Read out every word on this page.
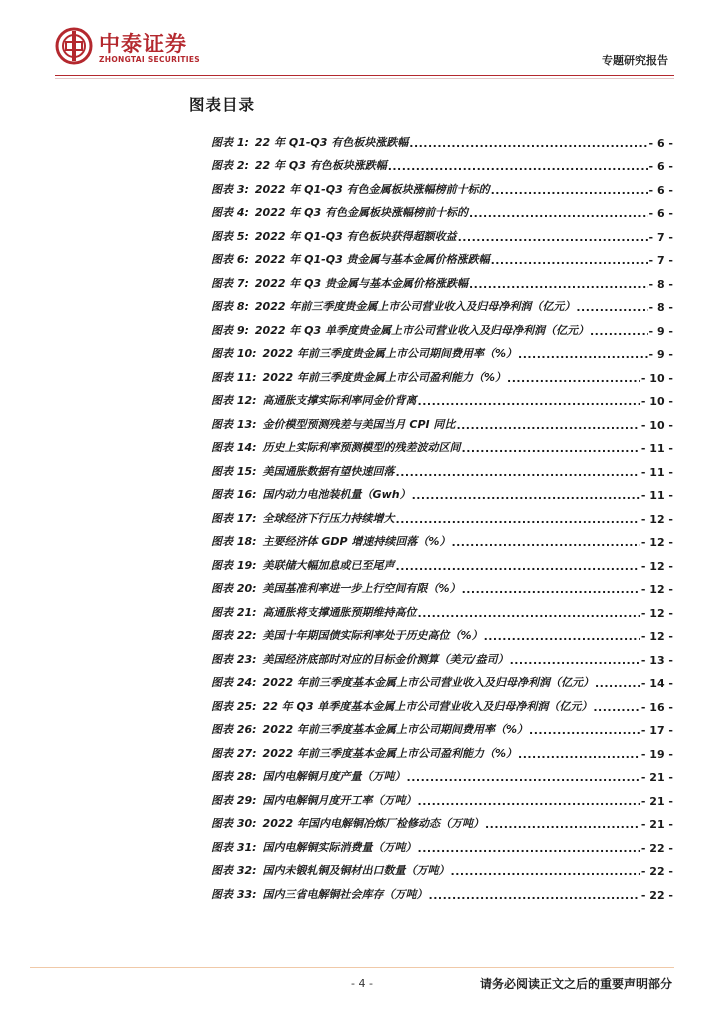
中泰证券
ZHONGTAI SECURITIES	专题研究报告
图表目录
图表 1: 22 年 Q1-Q3 有色板块涨跌幅 .....	- 6 -
图表 2: 22 年 Q3 有色板块涨跌幅 .....	- 6 -
图表 3: 2022 年 Q1-Q3 有色金属板块涨幅榜前十标的 .....	- 6 -
图表 4: 2022 年 Q3 有色金属板块涨幅榜前十标的 .....	- 6 -
图表 5: 2022 年 Q1-Q3 有色板块获得超额收益 .....	- 7 -
图表 6: 2022 年 Q1-Q3 贵金属与基本金属价格涨跌幅 .....	- 7 -
图表 7: 2022 年 Q3 贵金属与基本金属价格涨跌幅 .....	- 8 -
图表 8: 2022 年前三季度贵金属上市公司营业收入及归母净利润（亿元） .....	- 8 -
图表 9: 2022 年 Q3 单季度贵金属上市公司营业收入及归母净利润（亿元） .....	- 9 -
图表 10: 2022 年前三季度贵金属上市公司期间费用率（%） .....	- 9 -
图表 11: 2022 年前三季度贵金属上市公司盈利能力（%） .....	- 10 -
图表 12: 高通胀支撑实际利率同金价背离 .....	- 10 -
图表 13: 金价模型预测残差与美国当月 CPI 同比 .....	- 10 -
图表 14: 历史上实际利率预测模型的残差波动区间 .....	- 11 -
图表 15: 美国通胀数据有望快速回落 .....	- 11 -
图表 16: 国内动力电池装机量（Gwh） .....	- 11 -
图表 17: 全球经济下行压力持续增大 .....	- 12 -
图表 18: 主要经济体 GDP 增速持续回落（%） .....	- 12 -
图表 19: 美联储大幅加息或已至尾声 .....	- 12 -
图表 20: 美国基准利率进一步上行空间有限（%） .....	- 12 -
图表 21: 高通胀将支撑通胀预期维持高位 .....	- 12 -
图表 22: 美国十年期国债实际利率处于历史高位（%） .....	- 12 -
图表 23: 美国经济底部时对应的目标金价测算（美元/盎司） .....	- 13 -
图表 24: 2022 年前三季度基本金属上市公司营业收入及归母净利润（亿元） .....	- 14 -
图表 25: 22 年 Q3 单季度基本金属上市公司营业收入及归母净利润（亿元） .....	- 16 -
图表 26: 2022 年前三季度基本金属上市公司期间费用率（%） .....	- 17 -
图表 27: 2022 年前三季度基本金属上市公司盈利能力（%） .....	- 19 -
图表 28: 国内电解铜月度产量（万吨） .....	- 21 -
图表 29: 国内电解铜月度开工率（万吨） .....	- 21 -
图表 30: 2022 年国内电解铜冶炼厂检修动态（万吨） .....	- 21 -
图表 31: 国内电解铜实际消费量（万吨） .....	- 22 -
图表 32: 国内未锻轧铜及铜材出口数量（万吨） .....	- 22 -
图表 33: 国内三省电解铜社会库存（万吨） .....	- 22 -
- 4 -	请务必阅读正文之后的重要声明部分
